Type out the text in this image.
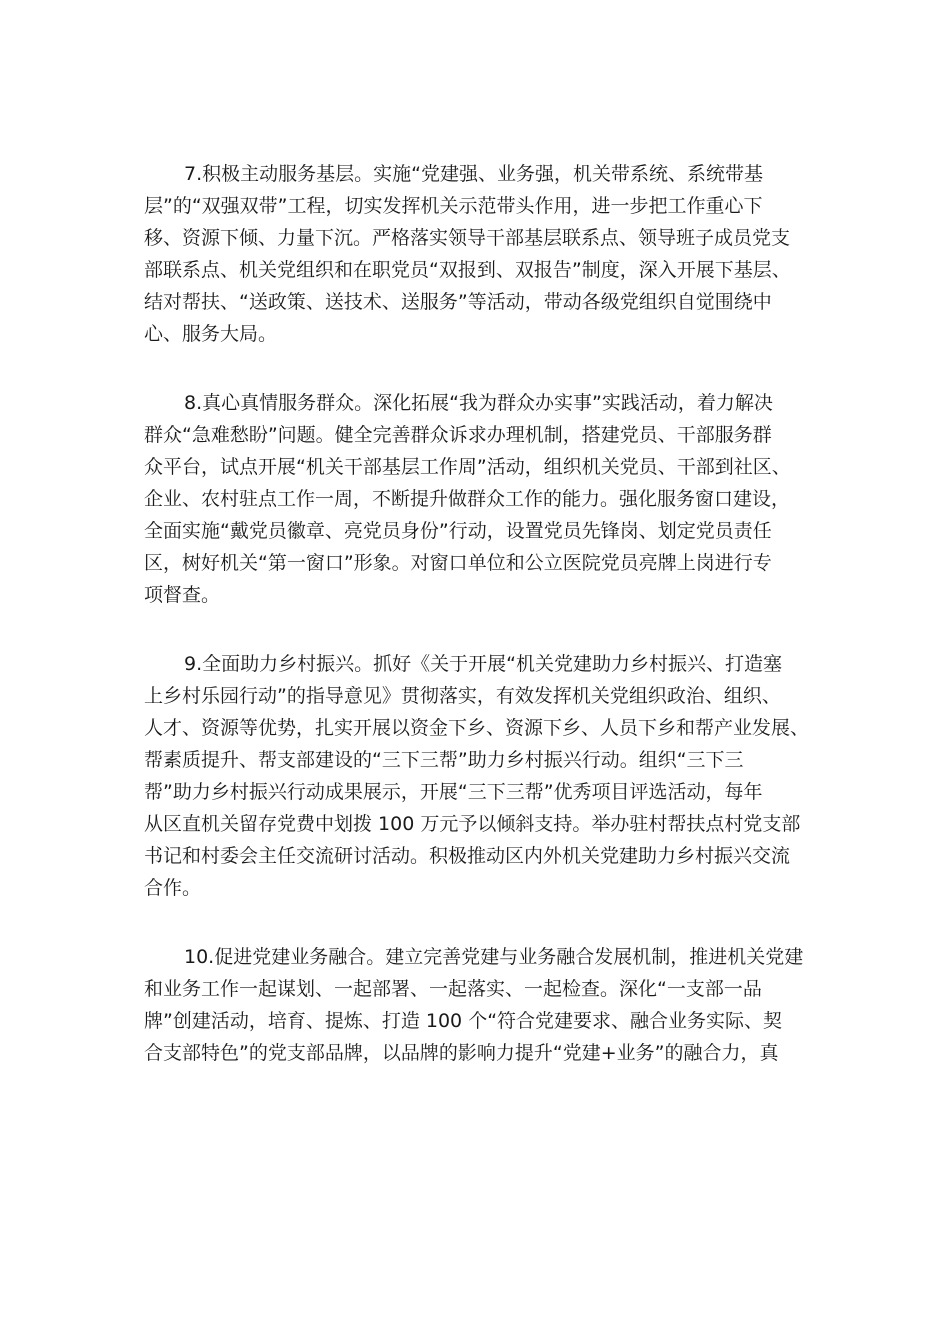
7.积极主动服务基层。实施“党建强、业务强，机关带系统、系统带基
层”的“双强双带”工程，切实发挥机关示范带头作用，进一步把工作重心下
移、资源下倾、力量下沉。严格落实领导干部基层联系点、领导班子成员党支
部联系点、机关党组织和在职党员“双报到、双报告”制度，深入开展下基层、
结对帮扶、“送政策、送技术、送服务”等活动，带动各级党组织自觉围绕中
心、服务大局。
8.真心真情服务群众。深化拓展“我为群众办实事”实践活动，着力解决
群众“急难愁盼”问题。健全完善群众诉求办理机制，搭建党员、干部服务群
众平台，试点开展“机关干部基层工作周”活动，组织机关党员、干部到社区、
企业、农村驻点工作一周，不断提升做群众工作的能力。强化服务窗口建设，
全面实施“戴党员徽章、亮党员身份”行动，设置党员先锋岗、划定党员责任
区，树好机关“第一窗口”形象。对窗口单位和公立医院党员亮牌上岗进行专
项督查。
9.全面助力乡村振兴。抓好《关于开展“机关党建助力乡村振兴、打造塞
上乡村乐园行动”的指导意见》贯彻落实，有效发挥机关党组织政治、组织、
人才、资源等优势，扎实开展以资金下乡、资源下乡、人员下乡和帮产业发展、
帮素质提升、帮支部建设的“三下三帮”助力乡村振兴行动。组织“三下三
帮”助力乡村振兴行动成果展示，开展“三下三帮”优秀项目评选活动，每年
从区直机关留存党费中划拨 100 万元予以倾斜支持。举办驻村帮扶点村党支部
书记和村委会主任交流研讨活动。积极推动区内外机关党建助力乡村振兴交流
合作。
10.促进党建业务融合。建立完善党建与业务融合发展机制，推进机关党建
和业务工作一起谋划、一起部署、一起落实、一起检查。深化“一支部一品
牌”创建活动，培育、提炼、打造 100 个“符合党建要求、融合业务实际、契
合支部特色”的党支部品牌，以品牌的影响力提升“党建+业务”的融合力，真
